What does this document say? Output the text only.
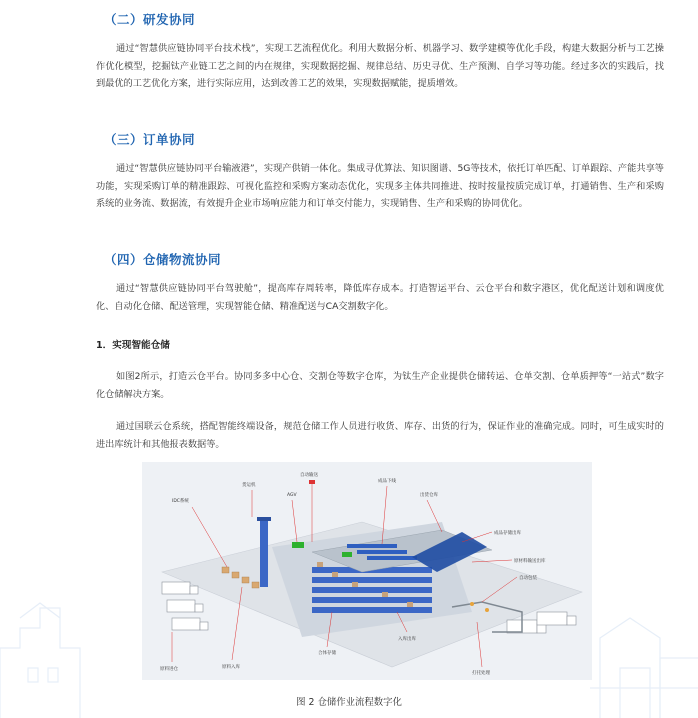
（二）研发协同
通过“智慧供应链协同平台技术栈”，实现工艺流程优化。利用大数据分析、机器学习、数学建模等优化手段，构建大数据分析与工艺操作优化模型，挖掘钛产业链工艺之间的内在规律，实现数据挖掘、规律总结、历史寻优、生产预测、自学习等功能。经过多次的实践后，找到最优的工艺优化方案，进行实际应用，达到改善工艺的效果，实现数据赋能，提质增效。
（三）订单协同
通过“智慧供应链协同平台输液港”，实现产供销一体化。集成寻优算法、知识图谱、5G等技术，依托订单匹配、订单跟踪、产能共享等功能，实现采购订单的精准跟踪、可视化监控和采购方案动态优化，实现多主体共同推进、按时按量按质完成订单，打通销售、生产和采购系统的业务流、数据流，有效提升企业市场响应能力和订单交付能力，实现销售、生产和采购的协同优化。
（四）仓储物流协同
通过“智慧供应链协同平台驾驶舱”，提高库存周转率，降低库存成本。打造智运平台、云仓平台和数字港区，优化配送计划和调度优化、自动化仓储、配送管理，实现智能仓储、精准配送与CA交割数字化。
1．实现智能仓储
如图2所示，打造云仓平台。协同多多中心仓、交割仓等数字仓库，为钛生产企业提供仓储转运、仓单交割、仓单质押等“一站式”数字化仓储解决方案。
通过国联云仓系统，搭配智能终端设备，规范仓储工作人员进行收货、库存、出货的行为，保证作业的准确完成。同时，可生成实时的进出库统计和其他报表数据等。
自动输送
货运机
IDC系统
AGV
成品下线
出货仓库
成品存储出库
原材料输送出库
自动包装
原料进仓	原料入库
合体存储
入库出库
打托处理
图 2 仓储作业流程数字化
